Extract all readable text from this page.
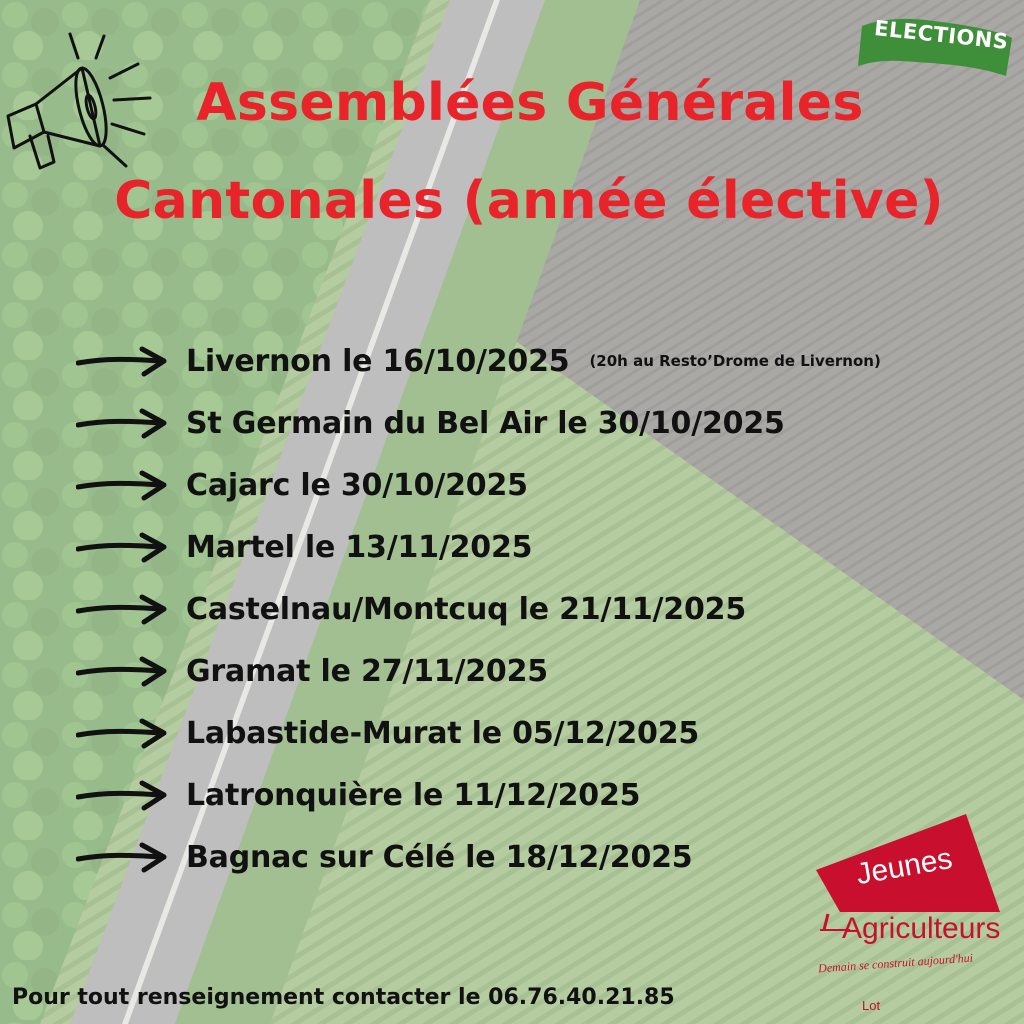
ELECTIONS
Assemblées Générales
Cantonales (année élective)
Livernon le 16/10/2025 (20h au Resto’Drome de Livernon)
St Germain du Bel Air le 30/10/2025
Cajarc le 30/10/2025
Martel le 13/11/2025
Castelnau/Montcuq le 21/11/2025
Gramat le 27/11/2025
Labastide-Murat le 05/12/2025
Latronquière le 11/12/2025
Bagnac sur Célé le 18/12/2025
Pour tout renseignement contacter le 06.76.40.21.85
Jeunes
Agriculteurs
Demain se construit aujourd'hui
Lot
